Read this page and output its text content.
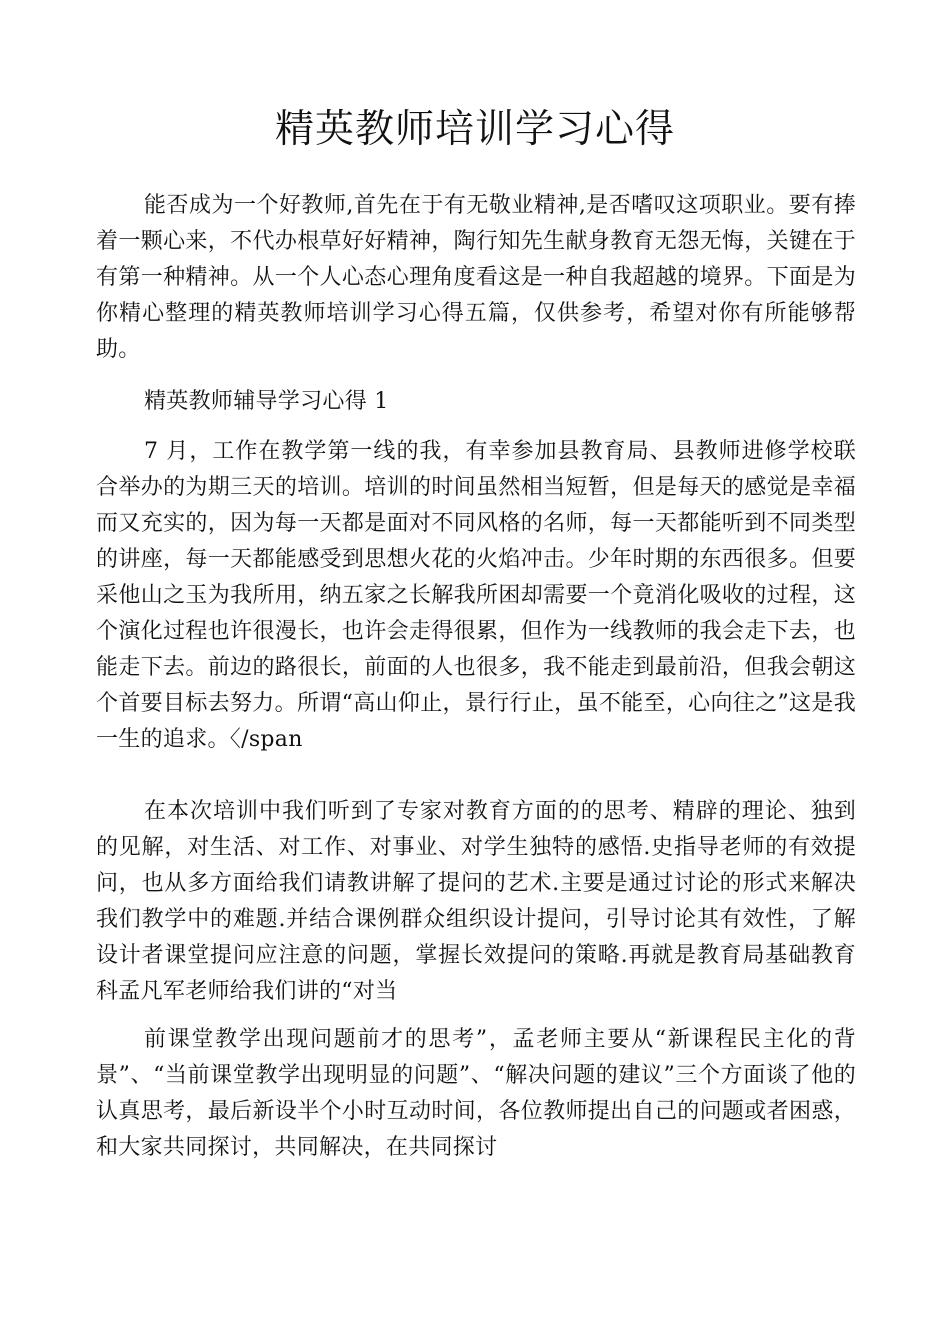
精英教师培训学习心得

能否成为一个好教师,首先在于有无敬业精神,是否嗜叹这项职业。要有捧着一颗心来，不代办根草好好精神，陶行知先生献身教育无怨无悔，关键在于有第一种精神。从一个人心态心理角度看这是一种自我超越的境界。下面是为你精心整理的精英教师培训学习心得五篇，仅供参考，希望对你有所能够帮助。

精英教师辅导学习心得 1

7 月，工作在教学第一线的我，有幸参加县教育局、县教师进修学校联合举办的为期三天的培训。培训的时间虽然相当短暂，但是每天的感觉是幸福而又充实的，因为每一天都是面对不同风格的名师，每一天都能听到不同类型的讲座，每一天都能感受到思想火花的火焰冲击。少年时期的东西很多。但要采他山之玉为我所用，纳五家之长解我所困却需要一个竟消化吸收的过程，这个演化过程也许很漫长，也许会走得很累，但作为一线教师的我会走下去，也能走下去。前边的路很长，前面的人也很多，我不能走到最前沿，但我会朝这个首要目标去努力。所谓“高山仰止，景行行止，虽不能至，心向往之”这是我一生的追求。〈/span

在本次培训中我们听到了专家对教育方面的的思考、精辟的理论、独到的见解，对生活、对工作、对事业、对学生独特的感悟.史指导老师的有效提问，也从多方面给我们请教讲解了提问的艺术.主要是通过讨论的形式来解决我们教学中的难题.并结合课例群众组织设计提问，引导讨论其有效性，了解设计者课堂提问应注意的问题，掌握长效提问的策略.再就是教育局基础教育科孟凡军老师给我们讲的“对当

前课堂教学出现问题前才的思考”，孟老师主要从“新课程民主化的背景”、“当前课堂教学出现明显的问题”、“解决问题的建议”三个方面谈了他的认真思考，最后新设半个小时互动时间，各位教师提出自己的问题或者困惑，和大家共同探讨，共同解决，在共同探讨
